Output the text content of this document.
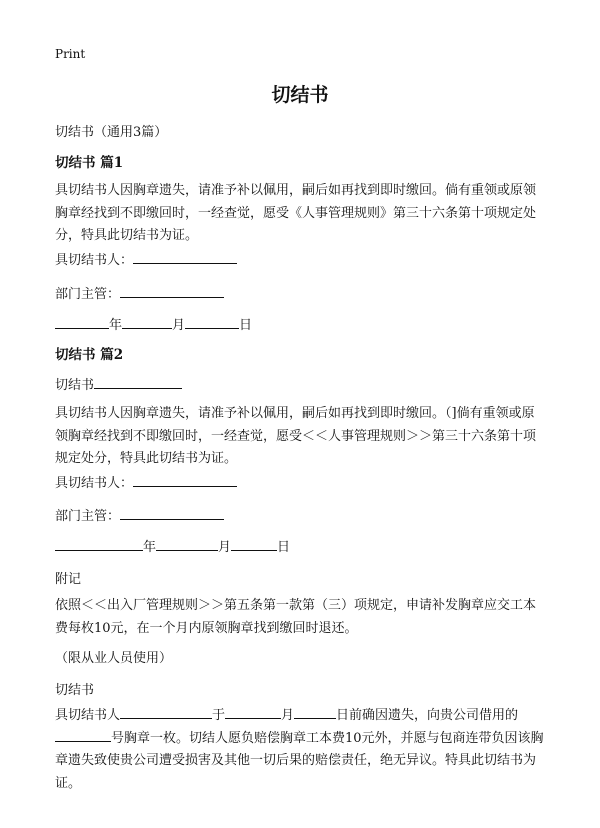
Print
切结书
切结书（通用3篇）
切结书 篇1
具切结书人因胸章遗失，请准予补以佩用，嗣后如再找到即时缴回。倘有重领或原领胸章经找到不即缴回时，一经查觉，愿受《人事管理规则》第三十六条第十项规定处分，特具此切结书为证。
具切结书人：
部门主管：
年	月	日
切结书 篇2
切结书
具切结书人因胸章遗失，请准予补以佩用，嗣后如再找到即时缴回。（]倘有重领或原领胸章经找到不即缴回时，一经查觉，愿受＜＜人事管理规则＞＞第三十六条第十项规定处分，特具此切结书为证。
具切结书人：
部门主管：
年	月	日
附记
依照＜＜出入厂管理规则＞＞第五条第一款第（三）项规定，申请补发胸章应交工本费每枚10元，在一个月内原领胸章找到缴回时退还。
（限从业人员使用）
切结书
具切结书人	于	月	日前确因遗失，向贵公司借用的号胸章一枚。切结人愿负赔偿胸章工本费10元外，并愿与包商连带负因该胸章遗失致使贵公司遭受损害及其他一切后果的赔偿责任，绝无异议。特具此切结书为证。
